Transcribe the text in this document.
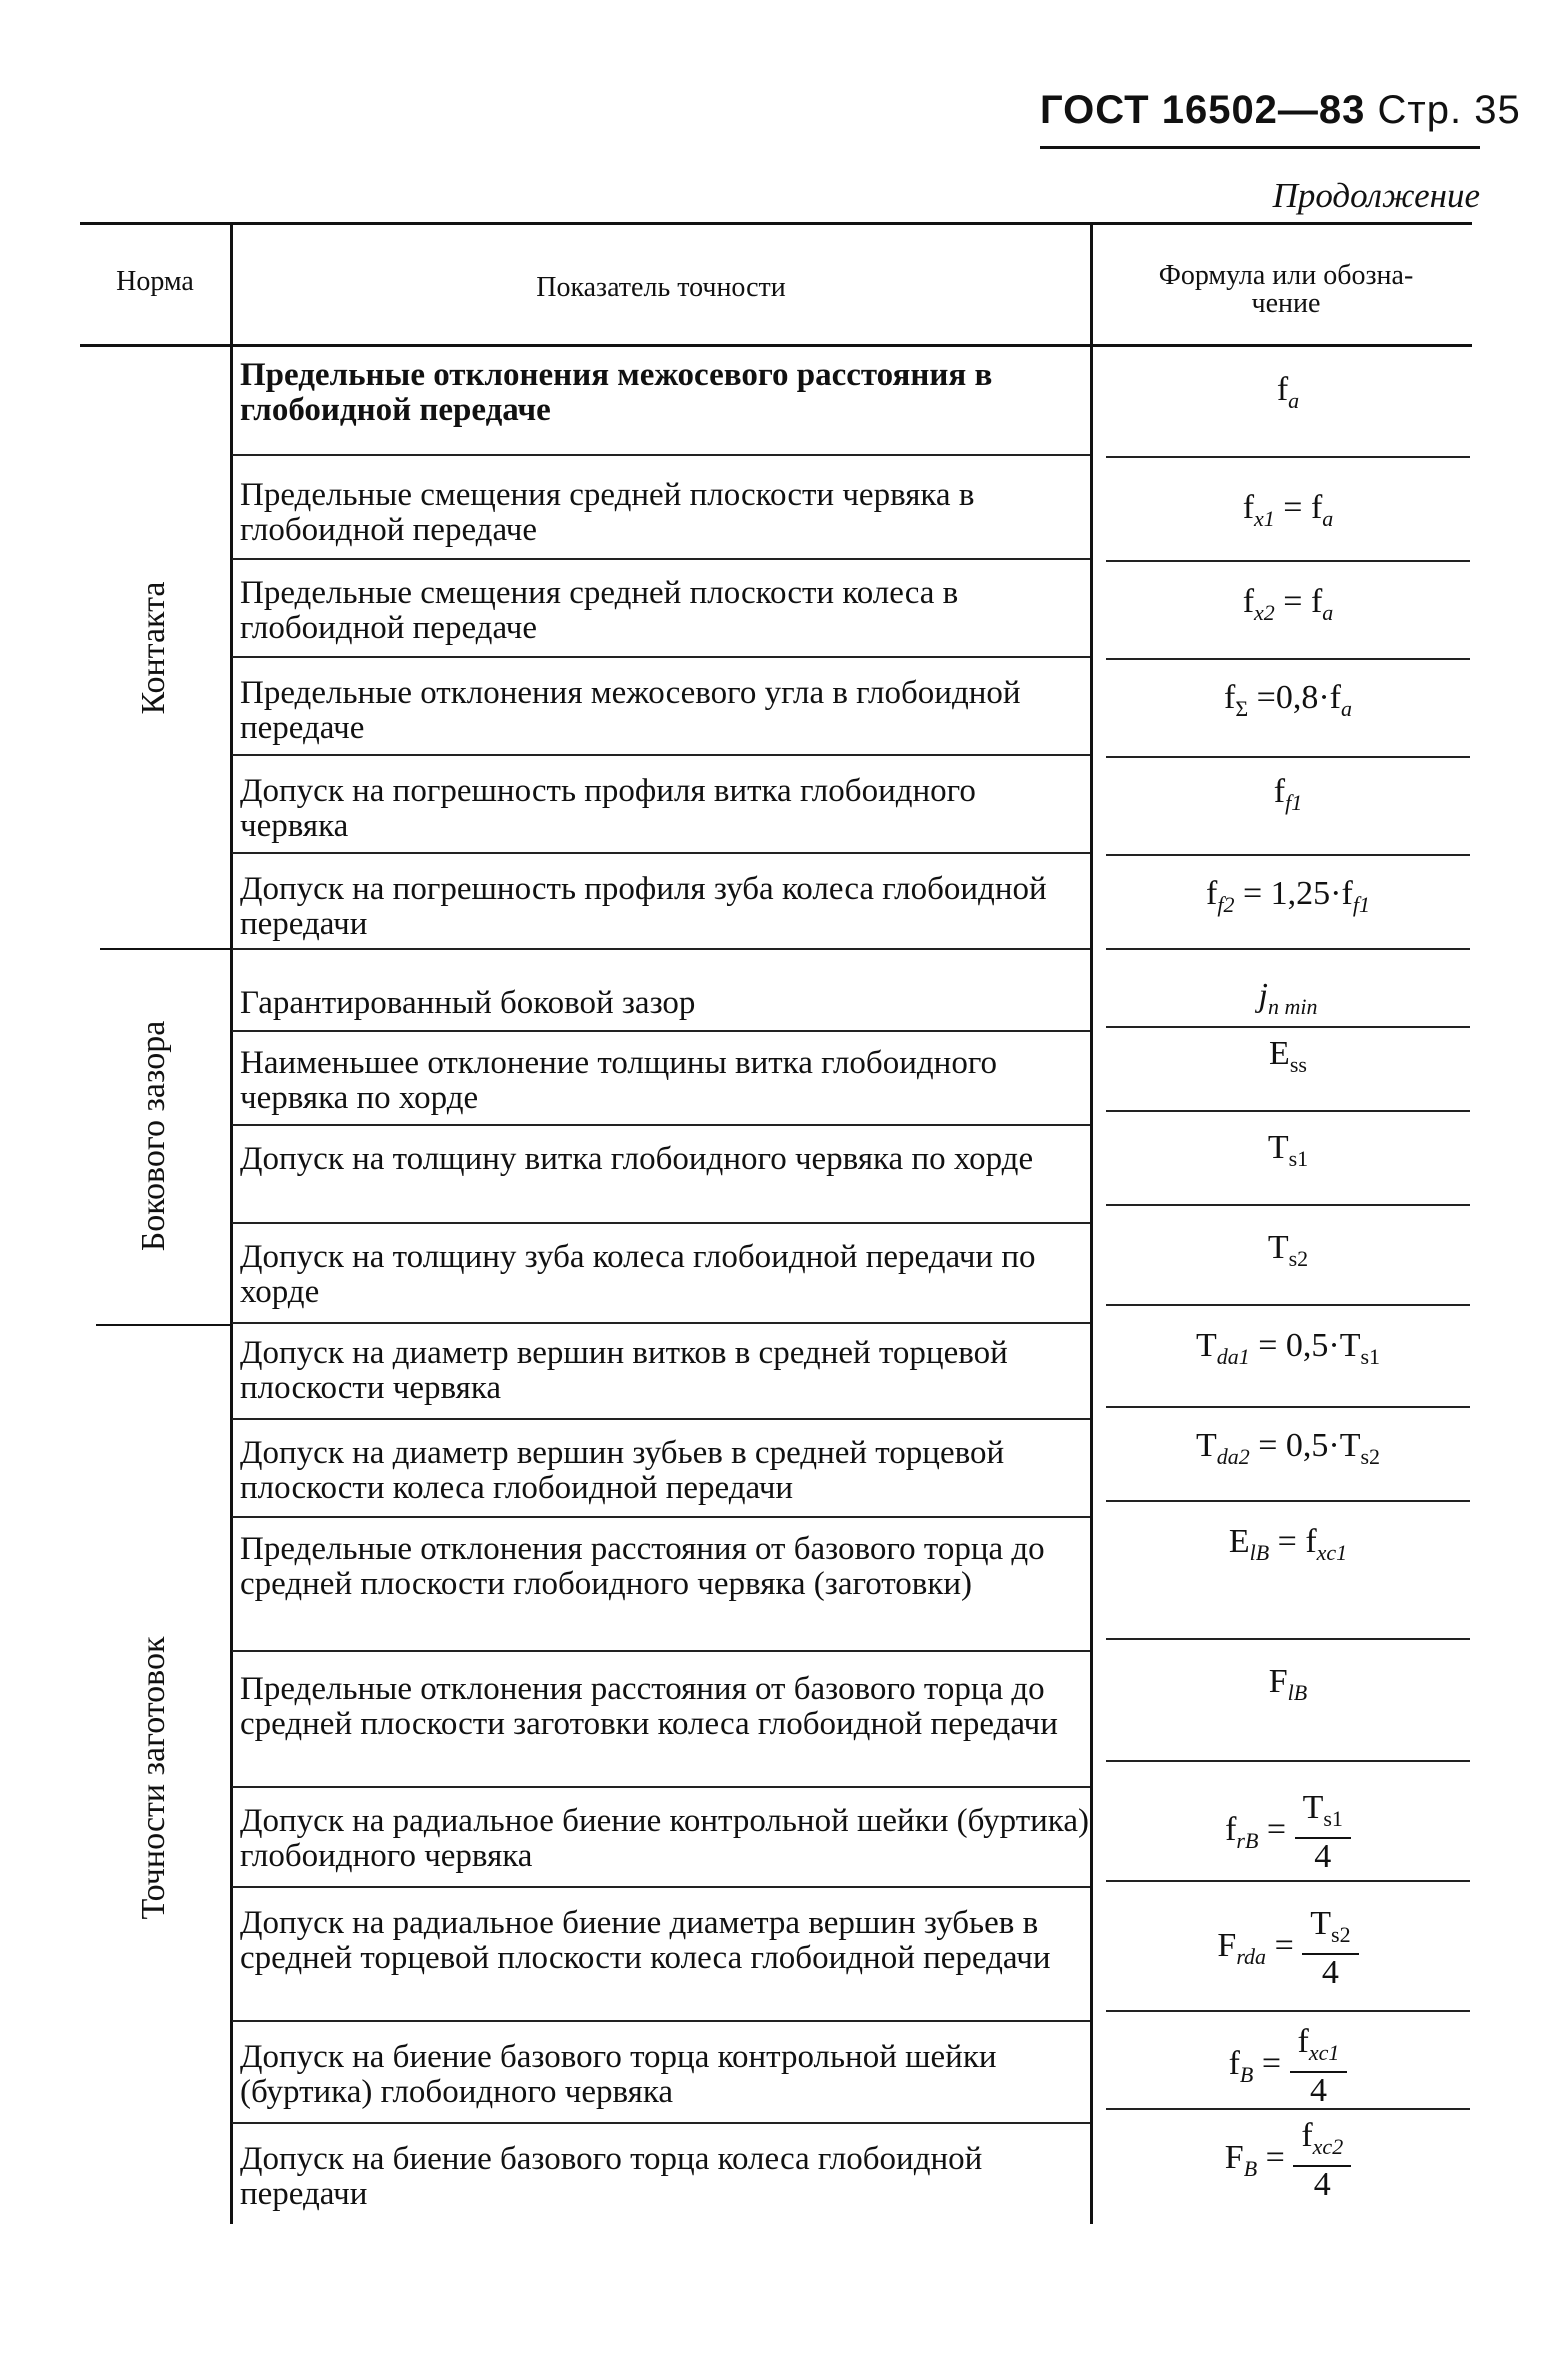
ГОСТ 16502—83 Стр. 35
Продолжение
Норма	Показатель точности	Формула или обозна-чение
Контакта
Бокового зазора
Точности заготовок
Предельные отклонения межосевого расстояния в глобоидной передаче
Предельные смещения средней плоскости червяка в глобоидной передаче
Предельные смещения средней плоскости колеса в глобоидной передаче
Предельные отклонения межосевого угла в глобоидной передаче
Допуск на погрешность профиля витка глобоидного червяка
Допуск на погрешность профиля зуба колеса глобоидной передачи
Гарантированный боковой зазор
Наименьшее отклонение толщины витка глобоидного червяка по хорде
Допуск на толщину витка глобоидного червяка по хорде
Допуск на толщину зуба колеса глобоидной передачи по хорде
Допуск на диаметр вершин витков в средней торцевой плоскости червяка
Допуск на диаметр вершин зубьев в средней торцевой плоскости колеса глобоидной передачи
Предельные отклонения расстояния от базового торца до средней плоскости глобоидного червяка (заготовки)
Предельные отклонения расстояния от базового торца до средней плоскости заготовки колеса глобоидной передачи
Допуск на радиальное биение контрольной шейки (буртика) глобоидного червяка
Допуск на радиальное биение диаметра вершин зубьев в средней торцевой плоскости колеса глобоидной передачи
Допуск на биение базового торца контрольной шейки (буртика) глобоидного червяка
Допуск на биение базового торца колеса глобоидной передачи
$f_a$
$f_{x1} = f_a$
$f_{x2} = f_a$
$f_\Sigma =0,8\cdot f_a$
$f_{f1}$
$f_{f2} = 1,25\cdot f_{f1}$
$j_{n min}$
$E_{ss}$
$T_{s1}$
$T_{s2}$
$T_{da1} = 0,5\cdot T_{s1}$
$T_{da2} = 0,5\cdot T_{s2}$
$E_{lB} = f_{xc1}$
$F_{lB}$
$f_{rB} = \frac{T_{s1}}{4}$
$F_{rda} = \frac{T_{s2}}{4}$
$f_B = \frac{f_{xc1}}{4}$
$F_B = \frac{f_{xc2}}{4}$
